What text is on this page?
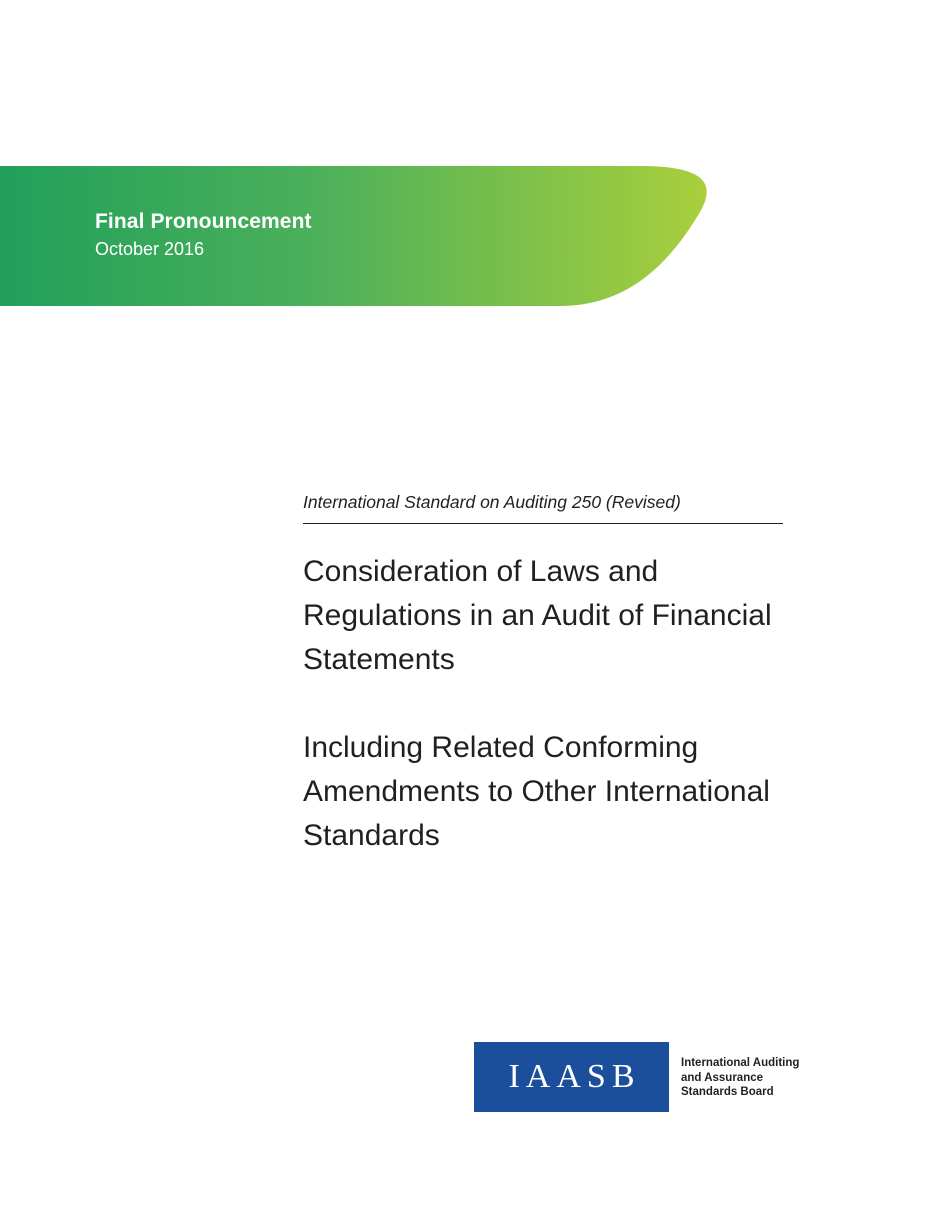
Final Pronouncement
October 2016
International Standard on Auditing 250 (Revised)
Consideration of Laws and Regulations in an Audit of Financial Statements
Including Related Conforming Amendments to Other International Standards
IAASB	International Auditing
and Assurance
Standards Board
